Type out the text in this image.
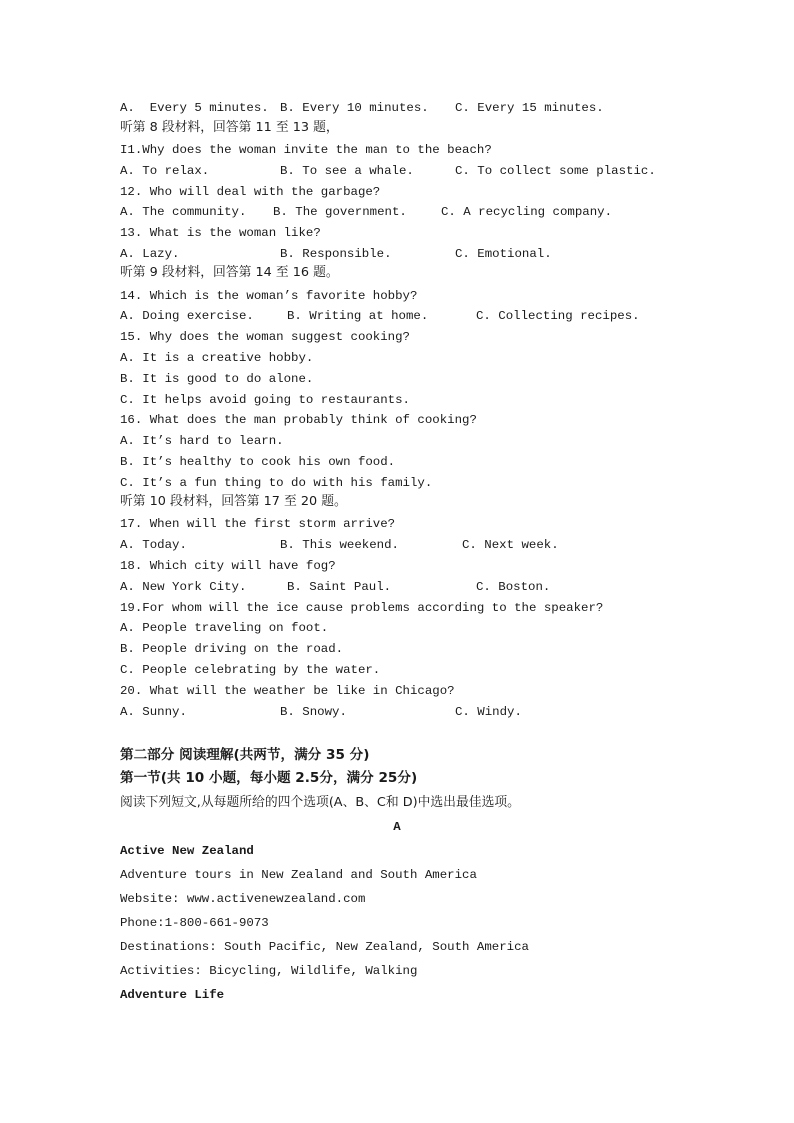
A.  Every 5 minutes.

B. Every 10 minutes.

C. Every 15 minutes.

听第 8 段材料，回答第 11 至 13 题，
I1.Why does the woman invite the man to the beach?

A. To relax.

	B. To see a whale.

	C. To collect some plastic.

12. Who will deal with the garbage?

A. The community.

B. The government.

	C. A recycling company.

13. What is the woman like?

A. Lazy.

	B. Responsible.

	C. Emotional.

听第 9 段材料，回答第 14 至 16 题。
14. Which is the woman’s favorite hobby?

A. Doing exercise.

	B. Writing at home.

	C. Collecting recipes.

15. Why does the woman suggest cooking?
A. It is a creative hobby.
B. It is good to do alone.
C. It helps avoid going to restaurants.
16. What does the man probably think of cooking?
A. It’s hard to learn.
B. It’s healthy to cook his own food.
C. It’s a fun thing to do with his family.
听第 10 段材料，回答第 17 至 20 题。
17. When will the first storm arrive?

A. Today.

	B. This weekend.

	C. Next week.

18. Which city will have fog?

A. New York City.

	B. Saint Paul.

	C. Boston.

19.For whom will the ice cause problems according to the speaker?
A. People traveling on foot.
B. People driving on the road.
C. People celebrating by the water.
20. What will the weather be like in Chicago?

A. Sunny.

	B. Snowy.

	C. Windy.

第二部分 阅读理解(共两节，满分 35 分)
第一节(共 10 小题，每小题 2.5分，满分 25分)
阅读下列短文,从每题所给的四个选项(A、B、C和 D)中选出最佳选项。
A
Active New Zealand
Adventure tours in New Zealand and South America
Website: www.activenewzealand.com
Phone:1-800-661-9073
Destinations: South Pacific, New Zealand, South America
Activities: Bicycling, Wildlife, Walking
Adventure Life
